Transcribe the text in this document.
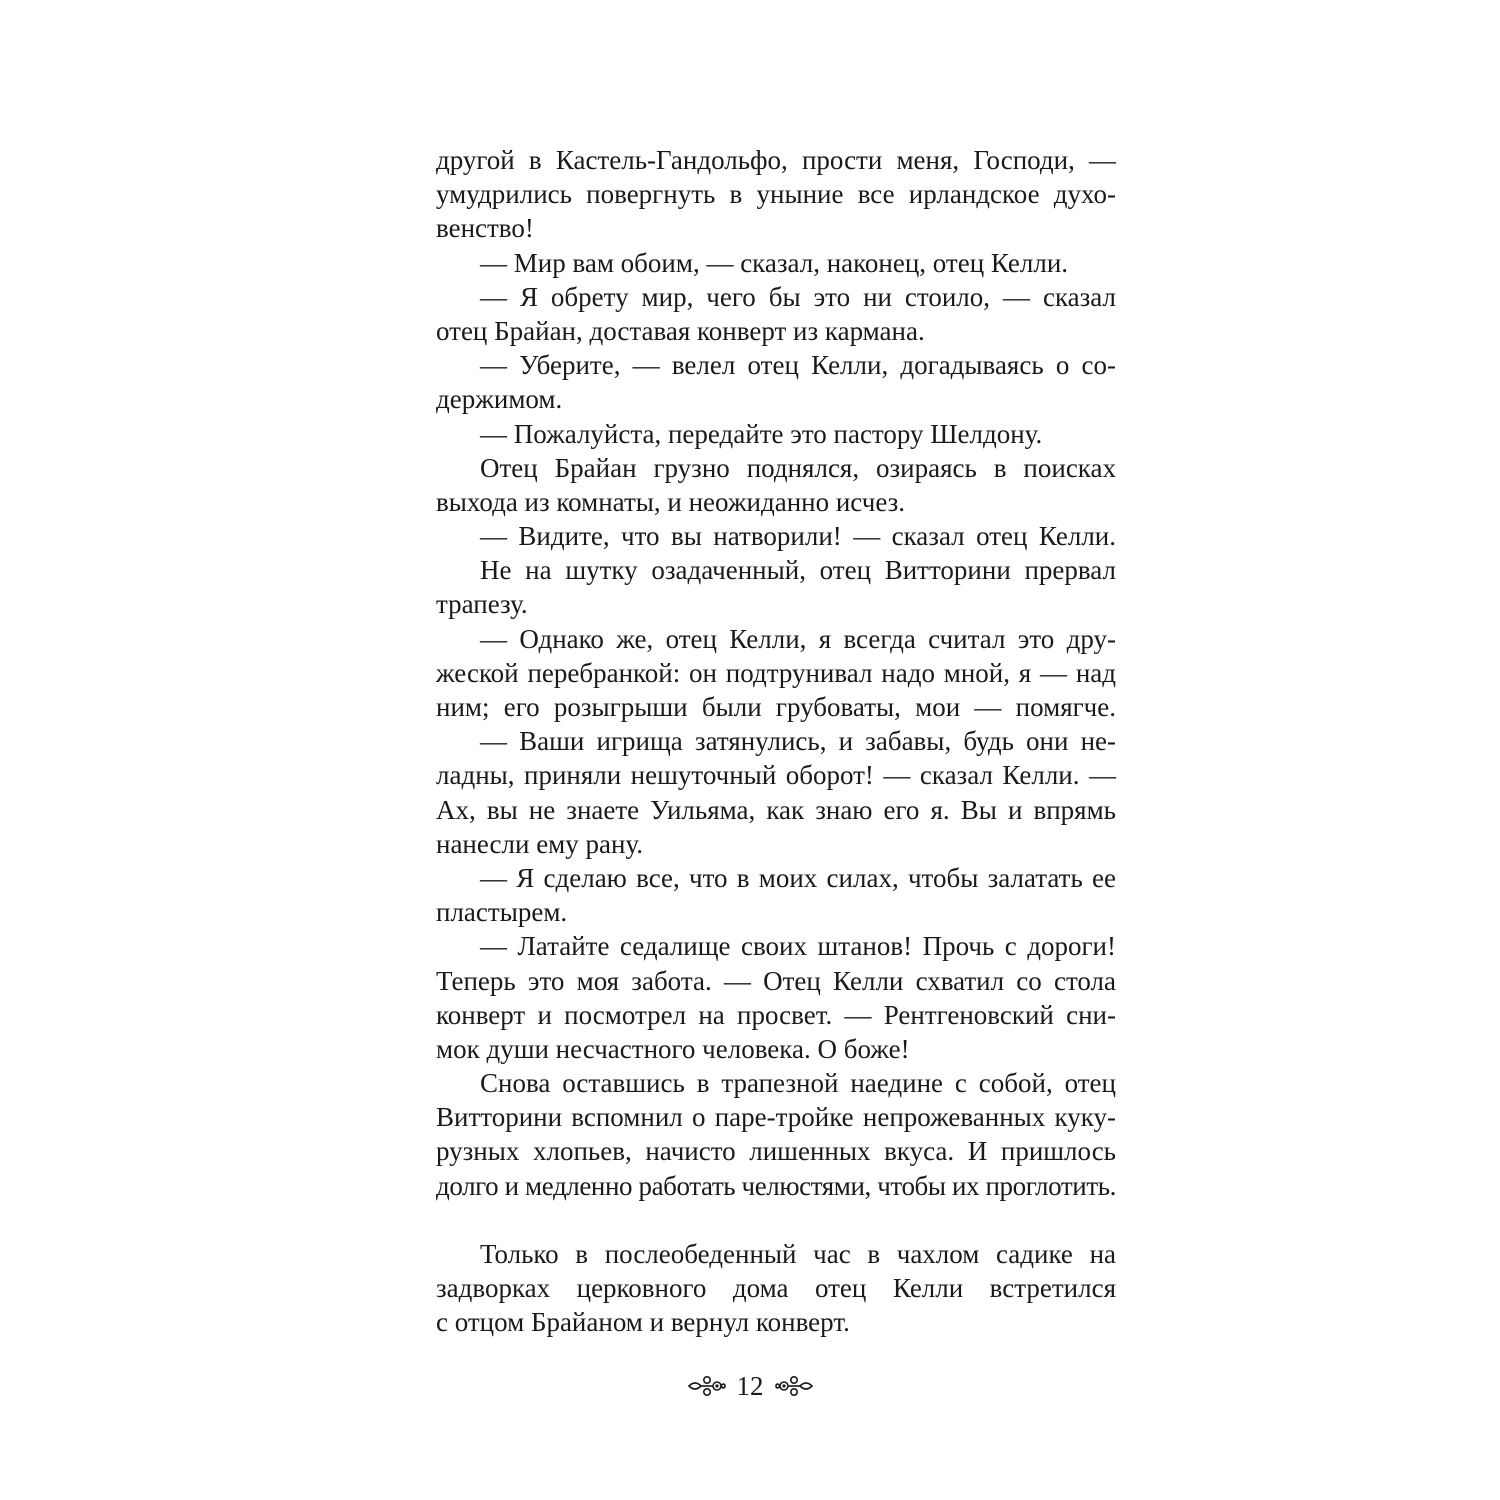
другой в Кастель-Гандольфо, прости меня, Господи, —
умудрились повергнуть в уныние все ирландское духо-
венство!
— Мир вам обоим, — сказал, наконец, отец Келли.
— Я обрету мир, чего бы это ни стоило, — сказал
отец Брайан, доставая конверт из кармана.
— Уберите, — велел отец Келли, догадываясь о со-
держимом.
— Пожалуйста, передайте это пастору Шелдону.
Отец Брайан грузно поднялся, озираясь в поисках
выхода из комнаты, и неожиданно исчез.
— Видите, что вы натворили! — сказал отец Келли.
Не на шутку озадаченный, отец Витторини прервал
трапезу.
— Однако же, отец Келли, я всегда считал это дру-
жеской перебранкой: он подтрунивал надо мной, я — над
ним; его розыгрыши были грубоваты, мои — помягче.
— Ваши игрища затянулись, и забавы, будь они не-
ладны, приняли нешуточный оборот! — сказал Келли. —
Ах, вы не знаете Уильяма, как знаю его я. Вы и впрямь
нанесли ему рану.
— Я сделаю все, что в моих силах, чтобы залатать ее
пластырем.
— Латайте седалище своих штанов! Прочь с дороги!
Теперь это моя забота. — Отец Келли схватил со стола
конверт и посмотрел на просвет. — Рентгеновский сни-
мок души несчастного человека. О боже!
Снова оставшись в трапезной наедине с собой, отец
Витторини вспомнил о паре-тройке непрожеванных куку-
рузных хлопьев, начисто лишенных вкуса. И пришлось
долго и медленно работать челюстями, чтобы их проглотить.
Только в послеобеденный час в чахлом садике на
задворках церковного дома отец Келли встретился
с отцом Брайаном и вернул конверт.
12
